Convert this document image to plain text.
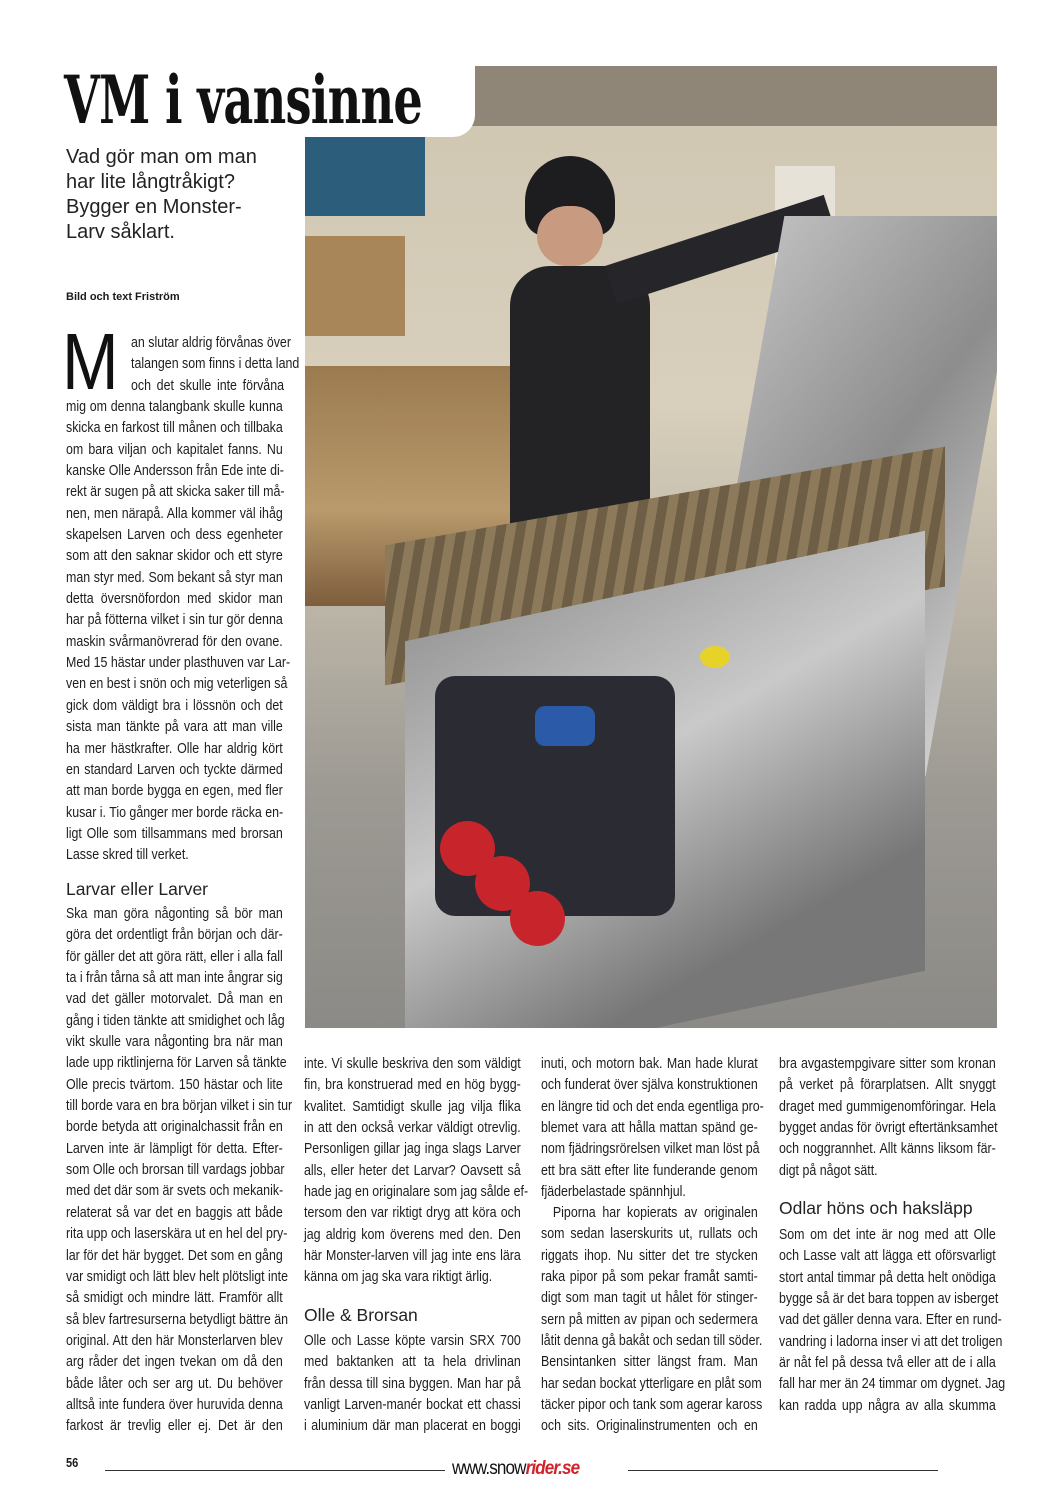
VM i vansinne
Vad gör man om man
har lite långtråkigt?
Bygger en Monster-
Larv såklart.
Bild och text Friström
M an slutar aldrig förvånas över
talangen som finns i detta land
och det skulle inte förvåna
mig om denna talangbank skulle kunna
skicka en farkost till månen och tillbaka
om bara viljan och kapitalet fanns. Nu
kanske Olle Andersson från Ede inte di-
rekt är sugen på att skicka saker till må-
nen, men närapå. Alla kommer väl ihåg
skapelsen Larven och dess egenheter
som att den saknar skidor och ett styre
man styr med. Som bekant så styr man
detta översnöfordon med skidor man
har på fötterna vilket i sin tur gör denna
maskin svårmanövrerad för den ovane.
Med 15 hästar under plasthuven var Lar-
ven en best i snön och mig veterligen så
gick dom väldigt bra i lössnön och det
sista man tänkte på vara att man ville
ha mer hästkrafter. Olle har aldrig kört
en standard Larven och tyckte därmed
att man borde bygga en egen, med fler
kusar i. Tio gånger mer borde räcka en-
ligt Olle som tillsammans med brorsan
Lasse skred till verket.
Larvar eller Larver
Ska man göra någonting så bör man
göra det ordentligt från början och där-
för gäller det att göra rätt, eller i alla fall
ta i från tårna så att man inte ångrar sig
vad det gäller motorvalet. Då man en
gång i tiden tänkte att smidighet och låg
vikt skulle vara någonting bra när man
lade upp riktlinjerna för Larven så tänkte
Olle precis tvärtom. 150 hästar och lite
till borde vara en bra början vilket i sin tur
borde betyda att originalchassit från en
Larven inte är lämpligt för detta. Efter-
som Olle och brorsan till vardags jobbar
med det där som är svets och mekanik-
relaterat så var det en baggis att både
rita upp och laserskära ut en hel del pry-
lar för det här bygget. Det som en gång
var smidigt och lätt blev helt plötsligt inte
så smidigt och mindre lätt. Framför allt
så blev fartresurserna betydligt bättre än
original. Att den här Monsterlarven blev
arg råder det ingen tvekan om då den
både låter och ser arg ut. Du behöver
alltså inte fundera över huruvida denna
farkost är trevlig eller ej. Det är den
inte. Vi skulle beskriva den som väldigt
fin, bra konstruerad med en hög bygg-
kvalitet. Samtidigt skulle jag vilja flika
in att den också verkar väldigt otrevlig.
Personligen gillar jag inga slags Larver
alls, eller heter det Larvar? Oavsett så
hade jag en originalare som jag sålde ef-
tersom den var riktigt dryg att köra och
jag aldrig kom överens med den. Den
här Monster-larven vill jag inte ens lära
känna om jag ska vara riktigt ärlig.
Olle & Brorsan
Olle och Lasse köpte varsin SRX 700
med baktanken att ta hela drivlinan
från dessa till sina byggen. Man har på
vanligt Larven-manér bockat ett chassi
i aluminium där man placerat en boggi
inuti, och motorn bak. Man hade klurat
och funderat över själva konstruktionen
en längre tid och det enda egentliga pro-
blemet vara att hålla mattan spänd ge-
nom fjädringsrörelsen vilket man löst på
ett bra sätt efter lite funderande genom
fjäderbelastade spännhjul.
Piporna har kopierats av originalen
som sedan laserskurits ut, rullats och
riggats ihop. Nu sitter det tre stycken
raka pipor på som pekar framåt samti-
digt som man tagit ut hålet för stinger-
sern på mitten av pipan och sedermera
låtit denna gå bakåt och sedan till söder.
Bensintanken sitter längst fram. Man
har sedan bockat ytterligare en plåt som
täcker pipor och tank som agerar kaross
och sits. Originalinstrumenten och en
bra avgastempgivare sitter som kronan
på verket på förarplatsen. Allt snyggt
draget med gummigenomföringar. Hela
bygget andas för övrigt eftertänksamhet
och noggrannhet. Allt känns liksom fär-
digt på något sätt.
Odlar höns och haksläpp
Som om det inte är nog med att Olle
och Lasse valt att lägga ett oförsvarligt
stort antal timmar på detta helt onödiga
bygge så är det bara toppen av isberget
vad det gäller denna vara. Efter en rund-
vandring i ladorna inser vi att det troligen
är nåt fel på dessa två eller att de i alla
fall har mer än 24 timmar om dygnet. Jag
kan radda upp några av alla skumma
56	www.snowrider.se
